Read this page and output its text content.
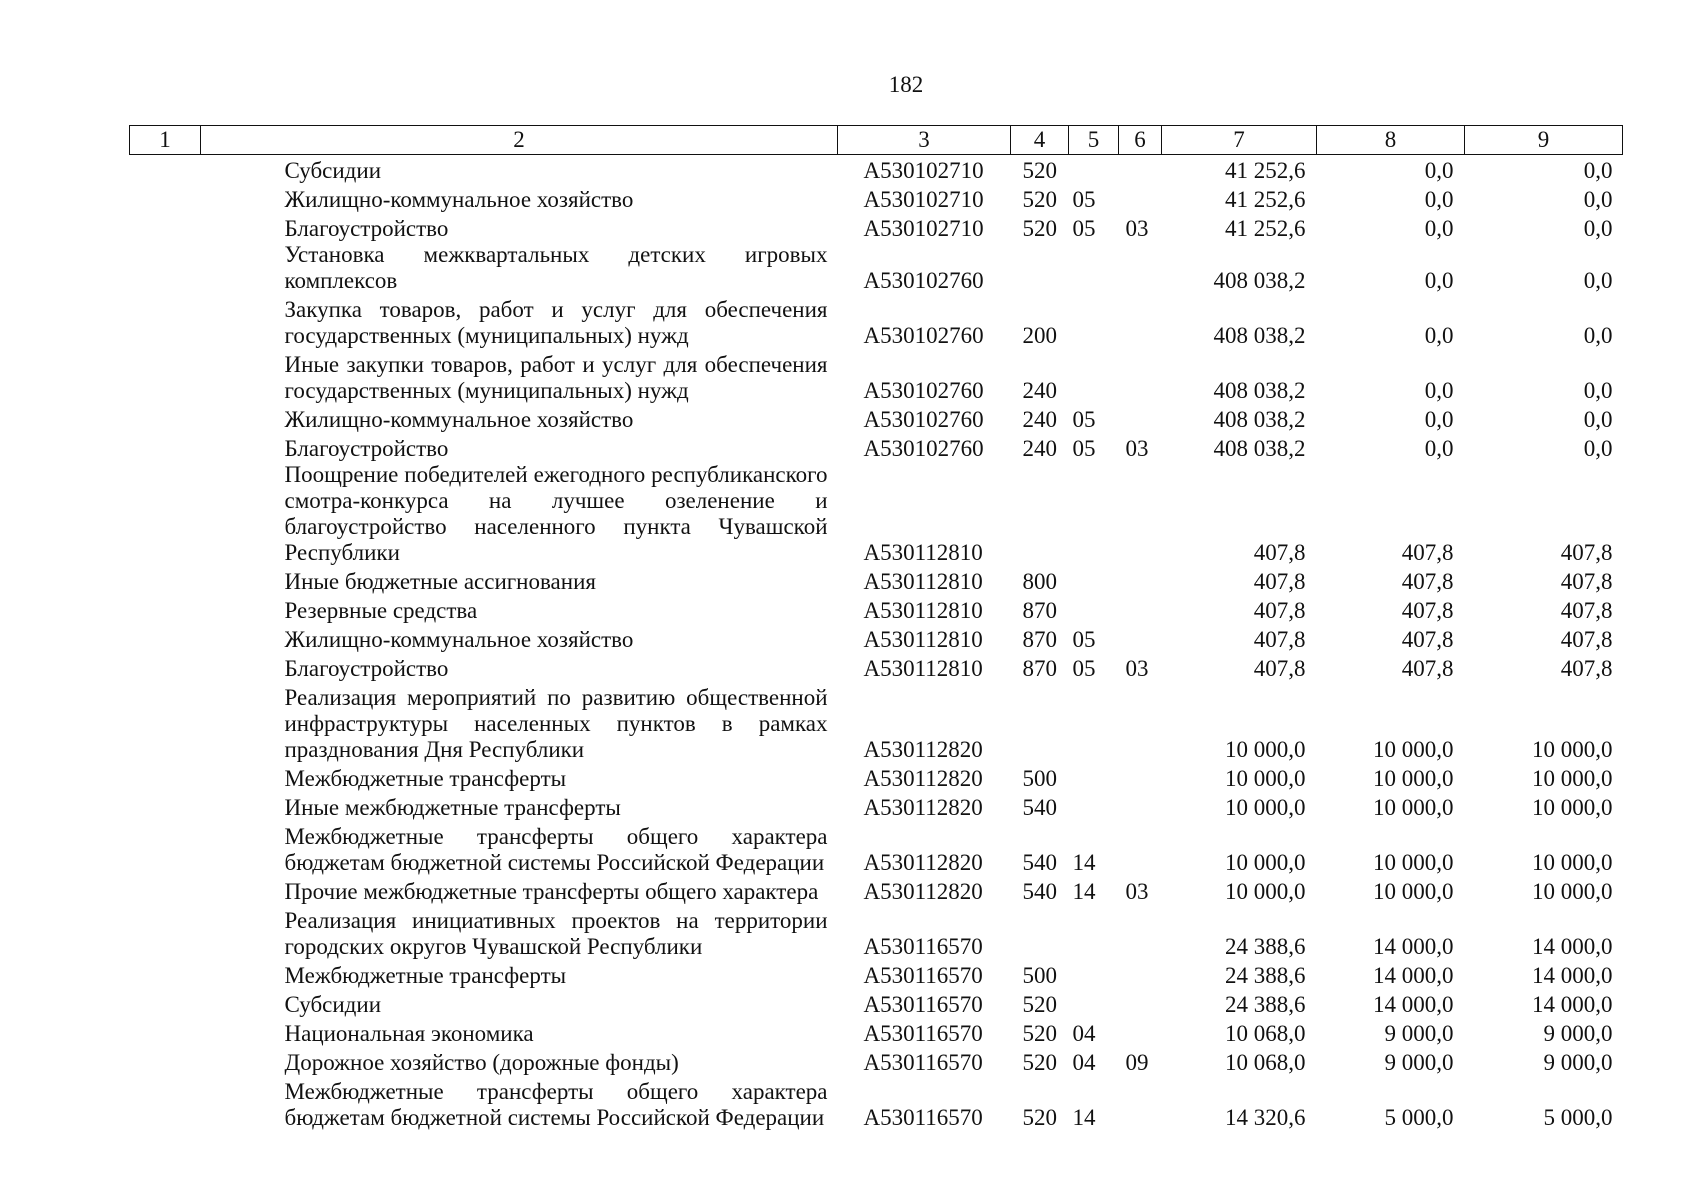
182
1	2	3	4	5	6	7	8	9
	Субсидии	А530102710	520			41 252,6	0,0	0,0
	Жилищно-коммунальное хозяйство	А530102710	520	05		41 252,6	0,0	0,0
	Благоустройство	А530102710	520	05	03	41 252,6	0,0	0,0
	Установка межквартальных детских игровых комплексов	А530102760				408 038,2	0,0	0,0
	Закупка товаров, работ и услуг для обеспечения государственных (муниципальных) нужд	А530102760	200			408 038,2	0,0	0,0
	Иные закупки товаров, работ и услуг для обеспечения государственных (муниципальных) нужд	А530102760	240			408 038,2	0,0	0,0
	Жилищно-коммунальное хозяйство	А530102760	240	05		408 038,2	0,0	0,0
	Благоустройство	А530102760	240	05	03	408 038,2	0,0	0,0
	Поощрение победителей ежегодного республиканского смотра-конкурса на лучшее озеленение и благоустройство населенного пункта Чувашской Республики	А530112810				407,8	407,8	407,8
	Иные бюджетные ассигнования	А530112810	800			407,8	407,8	407,8
	Резервные средства	А530112810	870			407,8	407,8	407,8
	Жилищно-коммунальное хозяйство	А530112810	870	05		407,8	407,8	407,8
	Благоустройство	А530112810	870	05	03	407,8	407,8	407,8
	Реализация мероприятий по развитию общественной инфраструктуры населенных пунктов в рамках празднования Дня Республики	А530112820				10 000,0	10 000,0	10 000,0
	Межбюджетные трансферты	А530112820	500			10 000,0	10 000,0	10 000,0
	Иные межбюджетные трансферты	А530112820	540			10 000,0	10 000,0	10 000,0
	Межбюджетные трансферты общего характера бюджетам бюджетной системы Российской Федерации	А530112820	540	14		10 000,0	10 000,0	10 000,0
	Прочие межбюджетные трансферты общего характера	А530112820	540	14	03	10 000,0	10 000,0	10 000,0
	Реализация инициативных проектов на территории городских округов Чувашской Республики	А530116570				24 388,6	14 000,0	14 000,0
	Межбюджетные трансферты	А530116570	500			24 388,6	14 000,0	14 000,0
	Субсидии	А530116570	520			24 388,6	14 000,0	14 000,0
	Национальная экономика	А530116570	520	04		10 068,0	9 000,0	9 000,0
	Дорожное хозяйство (дорожные фонды)	А530116570	520	04	09	10 068,0	9 000,0	9 000,0
	Межбюджетные трансферты общего характера бюджетам бюджетной системы Российской Федерации	А530116570	520	14		14 320,6	5 000,0	5 000,0
